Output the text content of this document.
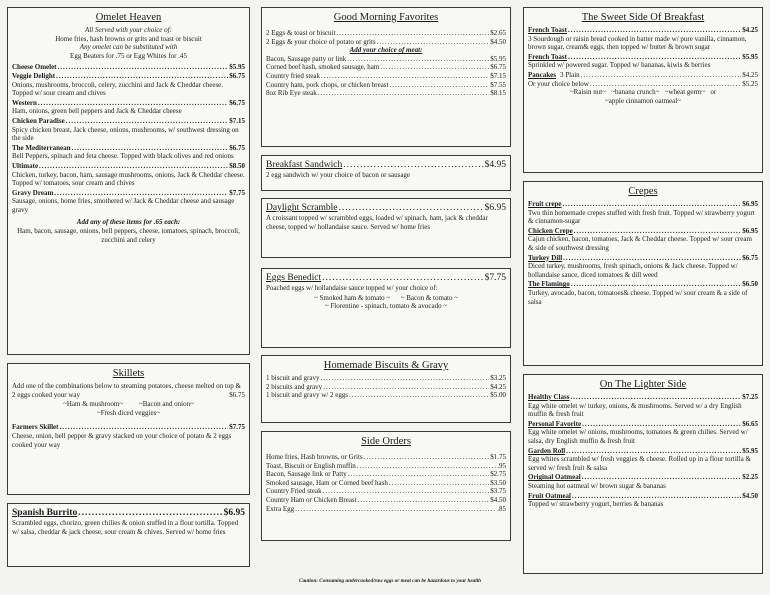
Omelet Heaven
All Served with your choice of:
Home fries, hash browns or grits and toast or biscuit
Any omelet can be substituted with
Egg Beaters for .75 or Egg Whites for .45
Cheese Omelet .....	$5.95
Veggie Delight .....	$6.75
Onions, mushrooms, broccoli, celery, zucchini and Jack & Cheddar cheese. Topped w/ sour cream and chives
Western .....	$6.75
Ham, onions, green bell peppers and Jack & Cheddar cheese
Chicken Paradise .....	$7.15
Spicy chicken breast, Jack cheese, onions, mushrooms, w/ southwest dressing on the side
The Mediterranean .....	$6.75
Bell Peppers, spinach and feta cheese. Topped with black olives and red onions
Ultimate .....	$8.50
Chicken, turkey, bacon, ham, sausage mushrooms, onions, Jack & Cheddar cheese. Topped w/ tomatoes, sour cream and chives
Gravy Dream .....	$7.75
Sausage, onions, home fries, smothered w/ Jack & Cheddar cheese and sausage gravy
Add any of these items for .65 each:
Ham, bacon, sausage, onions, bell peppers, cheese, tomatoes, spinach, broccoli, zucchini and celery
Skillets
Add one of the combinations below to steaming potatoes, cheese melted on top & 2 eggs cooked your way	$6.75
~Ham & mushroom~ ~Bacon and onion~
~Fresh diced veggies~
Farmers Skillet .....	$7.75
Cheese, onion, bell pepper & gravy stacked on your choice of potato & 2 eggs cooked your way
Spanish Burrito .....	$6.95
Scrambled eggs, chorizo, green chilies & onion stuffed in a flour tortilla. Topped w/ salsa, cheddar & jack cheese, sour cream & chives. Served w/ home fries
Good Morning Favorites
2 Eggs & toast or biscuit .....	$2.65
2 Eggs & your choice of potato or grits .....	$4.50
Add your choice of meat:
Bacon, Sausage patty or link .....	$5.95
Corned beef hash, smoked sausage, ham .....	$6.75
Country fried steak .....	$7.15
Country ham, pork chops, or chicken breast .....	$7.55
8oz Rib Eye steak .....	$8.15
Breakfast Sandwich .....	$4.95
2 egg sandwich w/ your choice of bacon or sausage
Daylight Scramble .....	$6.95
A croissant topped w/ scrambled eggs, loaded w/ spinach, ham, jack & cheddar cheese, topped w/ hollandaise sauce. Served w/ home fries
Eggs Benedict .....	$7.75
Poached eggs w/ hollandaise sauce topped w/ your choice of:
~ Smoked ham & tomato ~ ~ Bacon & tomato ~
~ Florentine - spinach, tomato & avocado ~
Homemade Biscuits & Gravy
1 biscuit and gravy .....	$3.25
2 biscuits and gravy .....	$4.25
1 biscuit and gravy w/ 2 eggs .....	$5.00
Side Orders
Home fries, Hash browns, or Grits .....	$1.75
Toast, Biscuit or English muffin .....	.95
Bacon, Sausage link or Patty .....	$2.75
Smoked sausage, Ham or Corned beef hash .....	$3.50
Country Fried steak .....	$3.75
Country Ham or Chicken Breast .....	$4.50
Extra Egg .....	.85
Caution: Consuming undercooked/raw eggs or meat can be hazardous to your health
The Sweet Side Of Breakfast
French Toast .....	$4.25
3 Sourdough or raisin bread cooked in batter made w/ pure vanilla, cinnamon, brown sugar, cream& eggs, then topped w/ butter & brown sugar
French Toast .....	$5.95
Sprinkled w/ powered sugar. Topped w/ bananas, kiwis & berries
Pancakes 3 Plain .....	$4.25
Or your choice below .....	$5.25
~Raisin nut~   ~banana crunch~   ~wheat germ~   or
~apple cinnamon oatmeal~
Crepes
Fruit crepe .....	$6.95
Two thin homemade crepes stuffed with fresh fruit. Topped w/ strawberry yogurt & cinnamon-sugar
Chicken Crepe .....	$6.95
Cajun chicken, bacon, tomatoes, Jack & Cheddar cheese. Topped w/ sour cream & side of southwest dressing
Turkey Dill .....	$6.75
Diced turkey, mushrooms, fresh spinach, onions & Jack cheese. Topped w/ hollandaise sauce, diced tomatoes & dill weed
The Flamingo .....	$6.50
Turkey, avocado, bacon, tomatoes& cheese. Topped w/ sour cream & a side of salsa
On The Lighter Side
Healthy Class .....	$7.25
Egg white omelet w/ turkey, onions, & mushrooms. Served w/ a dry English muffin & fresh fruit
Personal Favorite .....	$6.65
Egg white omelet w/ onions, mushrooms, tomatoes & green chilies. Served w/ salsa, dry English muffin & fresh fruit
Garden Roll .....	$5.95
Egg whites scrambled w/ fresh veggies & cheese. Rolled up in a flour tortilla & served w/ fresh fruit & salsa
Original Oatmeal .....	$2.25
Steaming hot oatmeal w/ brown sugar & bananas
Fruit Oatmeal .....	$4.50
Topped w/ strawberry yogurt, berries & bananas
